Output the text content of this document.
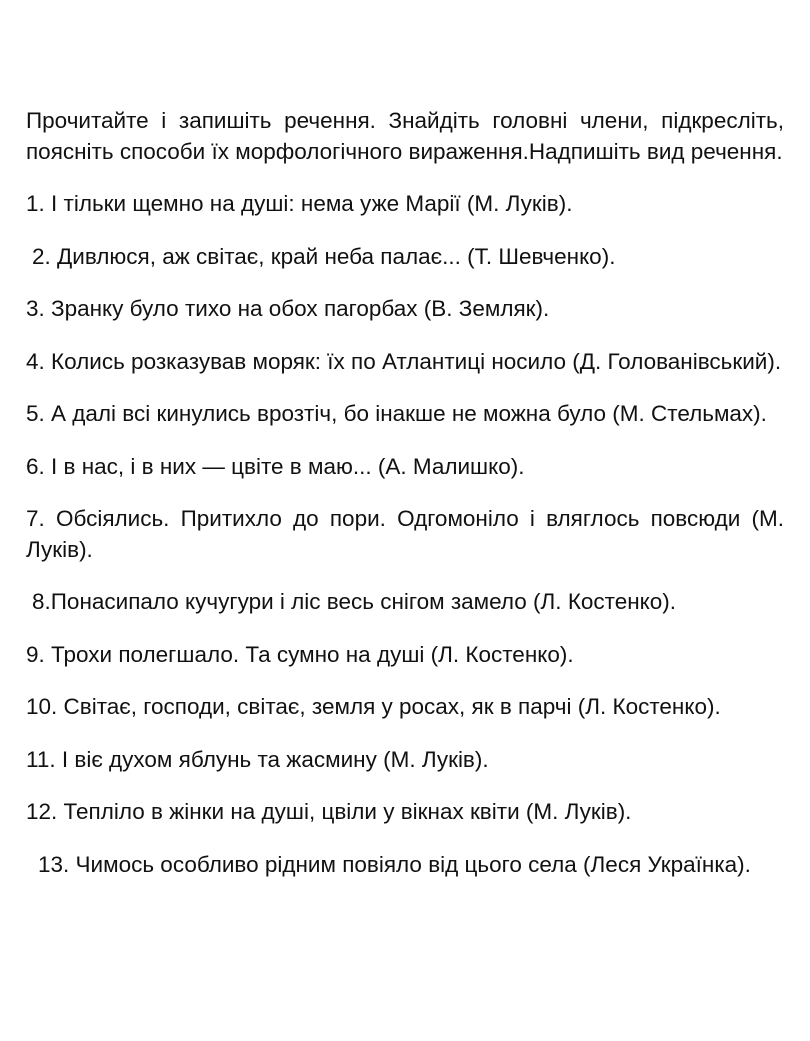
Прочитайте і запишіть речення. Знайдіть головні члени, підкресліть, поясніть способи їх морфологічного вираження.Надпишіть вид речення.

1. І тільки щемно на душі: нема уже Марії (М. Луків).

2. Дивлюся, аж світає, край неба палає... (Т. Шевченко).

3. Зранку було тихо на обох пагорбах (В. Земляк).

4. Колись розказував моряк: їх по Атлантиці носило (Д. Голованівський).

5. А далі всі кинулись врозтіч, бо інакше не можна було (М. Стельмах).

6. І в нас, і в них — цвіте в маю... (А. Малишко).

7. Обсіялись. Притихло до пори. Одгомоніло і вляглось повсюди (М. Луків).

8.Понасипало кучугури і ліс весь снігом замело (Л. Костенко).

9. Трохи полегшало. Та сумно на душі (Л. Костенко).

10. Світає, господи, світає, земля у росах, як в парчі (Л. Костенко).

11. І віє духом яблунь та жасмину (М. Луків).

12. Тепліло в жінки на душі, цвіли у вікнах квіти (М. Луків).

13. Чимось особливо рідним повіяло від цього села (Леся Українка).
